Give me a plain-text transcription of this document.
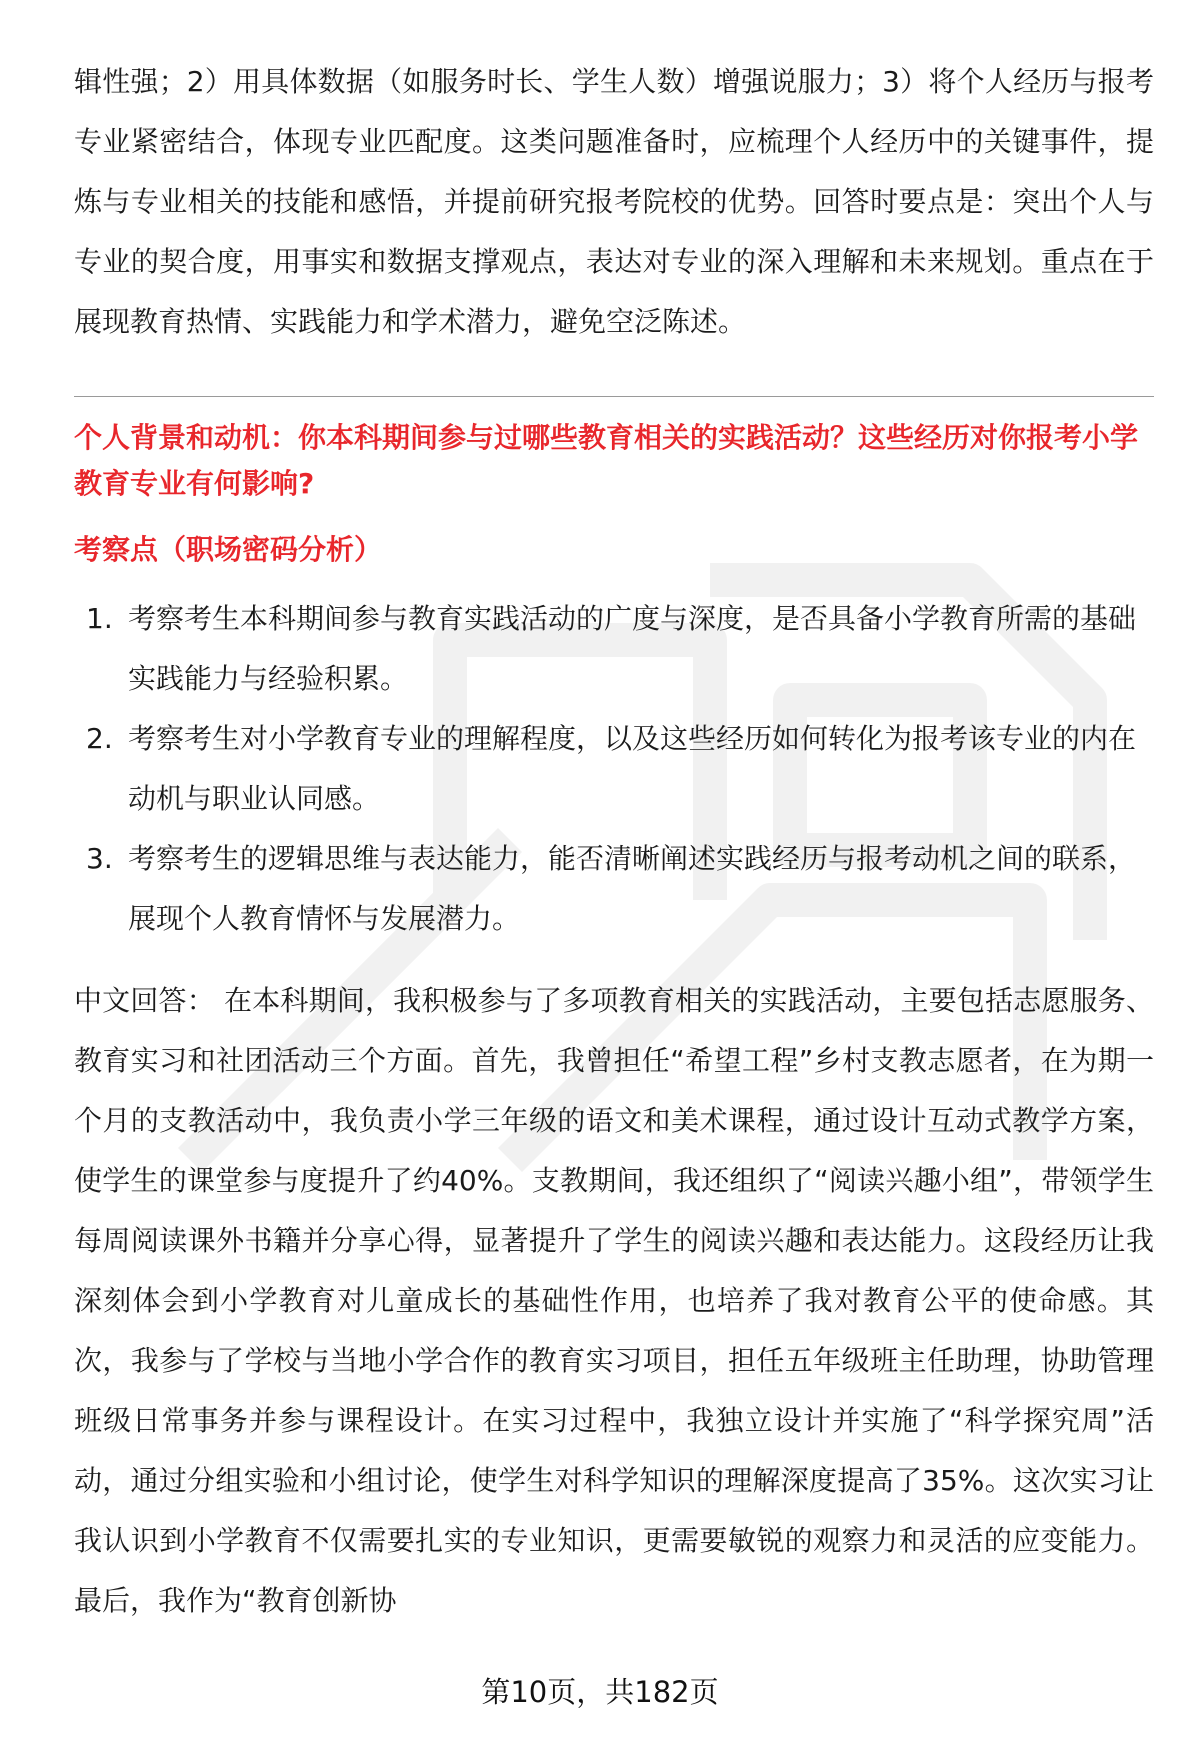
辑性强；2）用具体数据（如服务时长、学生人数）增强说服力；3）将个人经历与报考专业紧密结合，体现专业匹配度。这类问题准备时，应梳理个人经历中的关键事件，提炼与专业相关的技能和感悟，并提前研究报考院校的优势。回答时要点是：突出个人与专业的契合度，用事实和数据支撑观点，表达对专业的深入理解和未来规划。重点在于展现教育热情、实践能力和学术潜力，避免空泛陈述。

个人背景和动机：你本科期间参与过哪些教育相关的实践活动？这些经历对你报考小学教育专业有何影响?

考察点（职场密码分析）

1. 考察考生本科期间参与教育实践活动的广度与深度，是否具备小学教育所需的基础实践能力与经验积累。
2. 考察考生对小学教育专业的理解程度，以及这些经历如何转化为报考该专业的内在动机与职业认同感。
3. 考察考生的逻辑思维与表达能力，能否清晰阐述实践经历与报考动机之间的联系，展现个人教育情怀与发展潜力。

中文回答： 在本科期间，我积极参与了多项教育相关的实践活动，主要包括志愿服务、教育实习和社团活动三个方面。首先，我曾担任“希望工程”乡村支教志愿者，在为期一个月的支教活动中，我负责小学三年级的语文和美术课程，通过设计互动式教学方案，使学生的课堂参与度提升了约40%。支教期间，我还组织了“阅读兴趣小组”，带领学生每周阅读课外书籍并分享心得，显著提升了学生的阅读兴趣和表达能力。这段经历让我深刻体会到小学教育对儿童成长的基础性作用，也培养了我对教育公平的使命感。其次，我参与了学校与当地小学合作的教育实习项目，担任五年级班主任助理，协助管理班级日常事务并参与课程设计。在实习过程中，我独立设计并实施了“科学探究周”活动，通过分组实验和小组讨论，使学生对科学知识的理解深度提高了35%。这次实习让我认识到小学教育不仅需要扎实的专业知识，更需要敏锐的观察力和灵活的应变能力。最后，我作为“教育创新协

第10页，共182页
